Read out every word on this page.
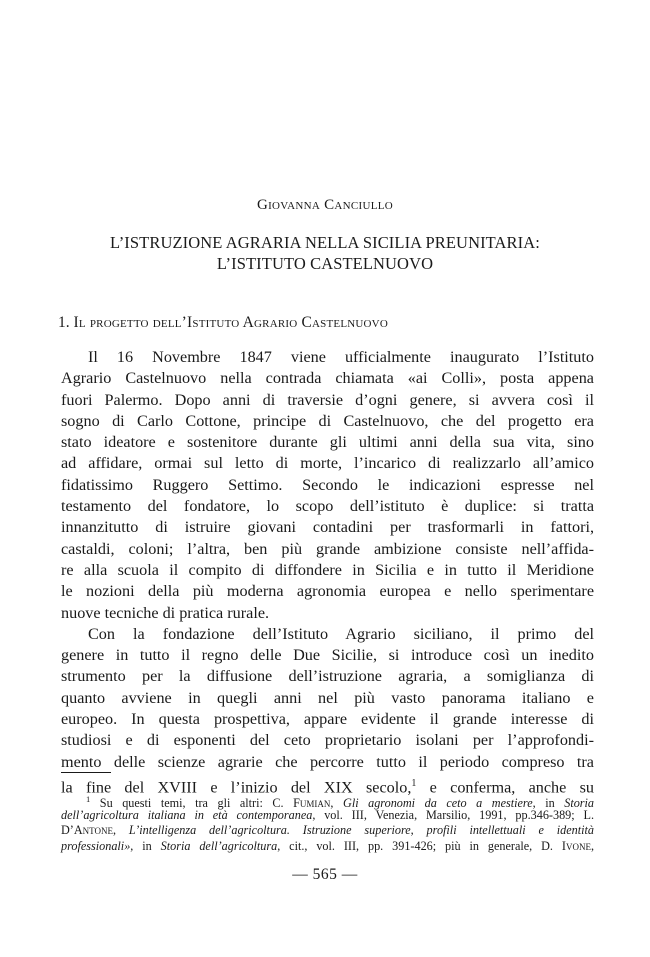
Giovanna Canciullo
L’ISTRUZIONE AGRARIA NELLA SICILIA PREUNITARIA:
L’ISTITUTO CASTELNUOVO
1. Il progetto dell’Istituto Agrario Castelnuovo
Il 16 Novembre 1847 viene ufficialmente inaugurato l’Istituto
Agrario Castelnuovo nella contrada chiamata «ai Colli», posta appena
fuori Palermo. Dopo anni di traversie d’ogni genere, si avvera così il
sogno di Carlo Cottone, principe di Castelnuovo, che del progetto era
stato ideatore e sostenitore durante gli ultimi anni della sua vita, sino
ad affidare, ormai sul letto di morte, l’incarico di realizzarlo all’amico
fidatissimo Ruggero Settimo. Secondo le indicazioni espresse nel
testamento del fondatore, lo scopo dell’istituto è duplice: si tratta
innanzitutto di istruire giovani contadini per trasformarli in fattori,
castaldi, coloni; l’altra, ben più grande ambizione consiste nell’affida-
re alla scuola il compito di diffondere in Sicilia e in tutto il Meridione
le nozioni della più moderna agronomia europea e nello sperimentare
nuove tecniche di pratica rurale.
Con la fondazione dell’Istituto Agrario siciliano, il primo del
genere in tutto il regno delle Due Sicilie, si introduce così un inedito
strumento per la diffusione dell’istruzione agraria, a somiglianza di
quanto avviene in quegli anni nel più vasto panorama italiano e
europeo. In questa prospettiva, appare evidente il grande interesse di
studiosi e di esponenti del ceto proprietario isolani per l’approfondi-
mento delle scienze agrarie che percorre tutto il periodo compreso tra
la fine del XVIII e l’inizio del XIX secolo,$^1$ e conferma, anche su
$^1$ Su questi temi, tra gli altri: C. Fumian, Gli agronomi da ceto a mestiere, in Storia
dell’agricoltura italiana in età contemporanea, vol. III, Venezia, Marsilio, 1991, pp.346-389; L.
D’Antone, L’intelligenza dell’agricoltura. Istruzione superiore, profili intellettuali e identità
professionali», in Storia dell’agricoltura, cit., vol. III, pp. 391-426; più in generale, D. Ivone,
— 565 —
